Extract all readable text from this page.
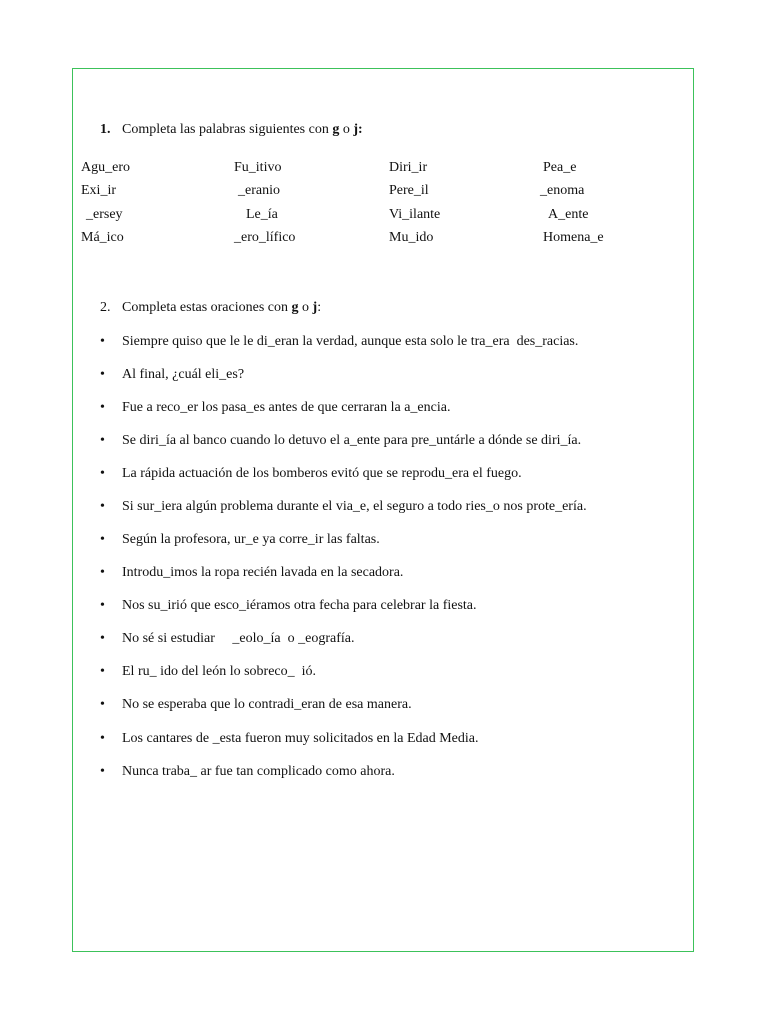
1. Completa las palabras siguientes con g o j:
Agu_ero	Fu_itivo	Diri_ir	Pea_e
Exi_ir	_eranio	Pere_il	_enoma
_ersey	Le_ía	Vi_ilante	A_ente
Má_ico	_ero_lífico	Mu_ido	Homena_e
2. Completa estas oraciones con g o j:
• Siempre quiso que le le di_eran la verdad, aunque esta solo le tra_era  des_racias.
• Al final, ¿cuál eli_es?
• Fue a reco_er los pasa_es antes de que cerraran la a_encia.
• Se diri_ía al banco cuando lo detuvo el a_ente para pre_untárle a dónde se diri_ía.
• La rápida actuación de los bomberos evitó que se reprodu_era el fuego.
• Si sur_iera algún problema durante el via_e, el seguro a todo ries_o nos prote_ería.
• Según la profesora, ur_e ya corre_ir las faltas.
• Introdu_imos la ropa recién lavada en la secadora.
• Nos su_irió que esco_iéramos otra fecha para celebrar la fiesta.
• No sé si estudiar     _eolo_ía  o _eografía.
• El ru_ ido del león lo sobreco_  ió.
• No se esperaba que lo contradi_eran de esa manera.
• Los cantares de _esta fueron muy solicitados en la Edad Media.
• Nunca traba_ ar fue tan complicado como ahora.
